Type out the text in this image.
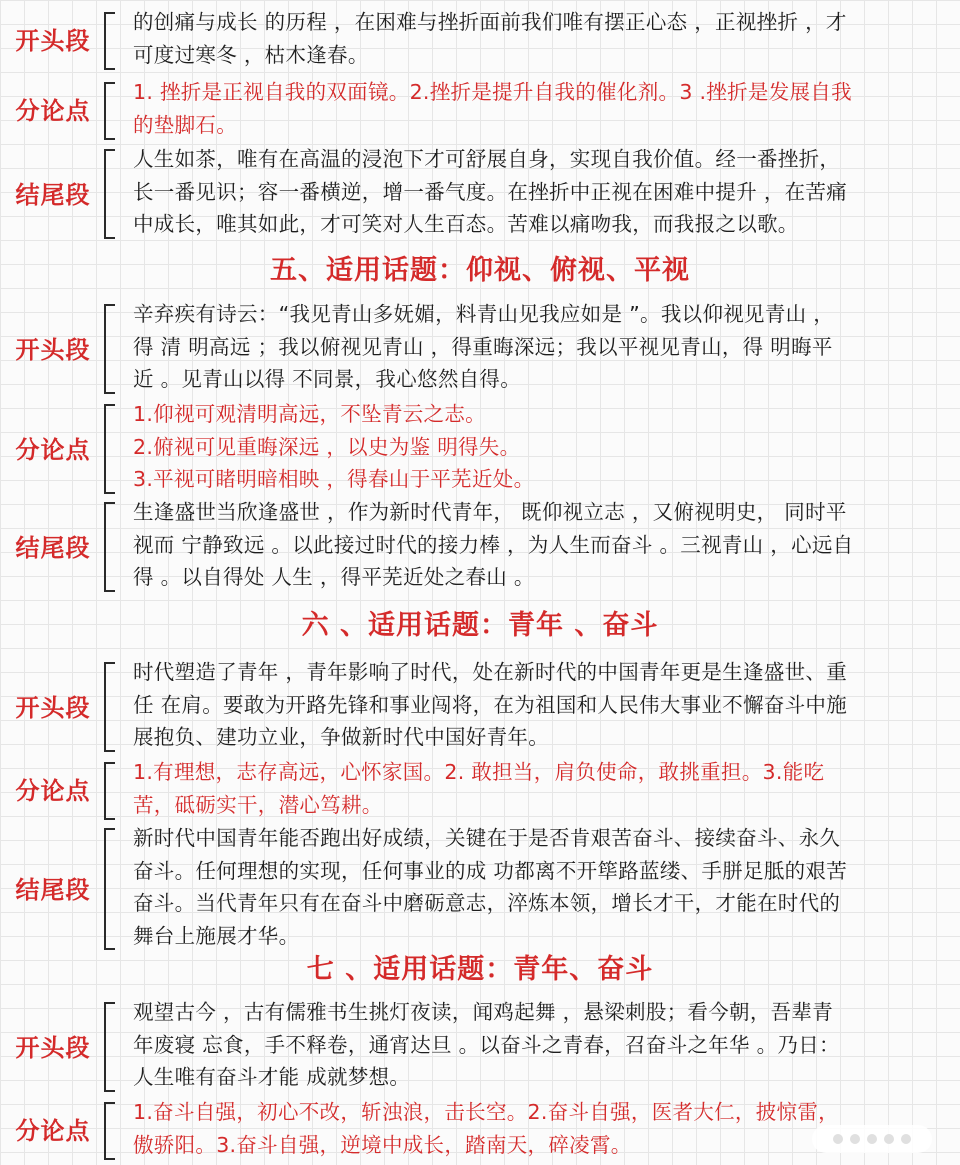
开头段
的创痛与成长 的历程 ，在困难与挫折面前我们唯有摆正心态 ，正视挫折 ，才
可度过寒冬 ，枯木逢春。
分论点
1. 挫折是正视自我的双面镜。2.挫折是提升自我的催化剂。3 .挫折是发展自我
的垫脚石。
结尾段
人生如茶，唯有在高温的浸泡下才可舒展自身，实现自我价值。经一番挫折，
长一番见识；容一番横逆，增一番气度。在挫折中正视在困难中提升 ，在苦痛
中成长，唯其如此，才可笑对人生百态。苦难以痛吻我，而我报之以歌。
五、适用话题：仰视、俯视、平视
开头段
辛弃疾有诗云：“我见青山多妩媚，料青山见我应如是 ”。我以仰视见青山 ，
得 清 明高远 ；我以俯视见青山 ，得重晦深远；我以平视见青山，得 明晦平
近 。见青山以得 不同景，我心悠然自得。
分论点
1.仰视可观清明高远，不坠青云之志。
2.俯视可见重晦深远 ，以史为鉴 明得失。
3.平视可睹明暗相映 ，得春山于平芜近处。
结尾段
生逢盛世当欣逢盛世 ，作为新时代青年， 既仰视立志 ，又俯视明史， 同时平
视而 宁静致远 。以此接过时代的接力棒 ，为人生而奋斗 。三视青山 ，心远自
得 。以自得处 人生 ，得平芜近处之春山 。
六 、适用话题：青年 、奋斗
开头段
时代塑造了青年 ，青年影响了时代，处在新时代的中国青年更是生逢盛世、重
任 在肩。要敢为开路先锋和事业闯将，在为祖国和人民伟大事业不懈奋斗中施
展抱负、建功立业，争做新时代中国好青年。
分论点
1.有理想，志存高远，心怀家国。2. 敢担当，肩负使命，敢挑重担。3.能吃
苦，砥砺实干，潜心笃耕。
结尾段
新时代中国青年能否跑出好成绩，关键在于是否肯艰苦奋斗、接续奋斗、永久
奋斗。任何理想的实现，任何事业的成 功都离不开筚路蓝缕、手胼足胝的艰苦
奋斗。当代青年只有在奋斗中磨砺意志，淬炼本领，增长才干，才能在时代的
舞台上施展才华。
七 、适用话题：青年、奋斗
开头段
观望古今 ，古有儒雅书生挑灯夜读，闻鸡起舞 ，悬梁刺股；看今朝，吾辈青
年废寝 忘食，手不释卷，通宵达旦 。以奋斗之青春，召奋斗之年华 。乃日：
人生唯有奋斗才能 成就梦想。
分论点
1.奋斗自强，初心不改，斩浊浪，击长空。2.奋斗自强，医者大仁，披惊雷，
傲骄阳。3.奋斗自强，逆境中成长，踏南天，碎凌霄。
